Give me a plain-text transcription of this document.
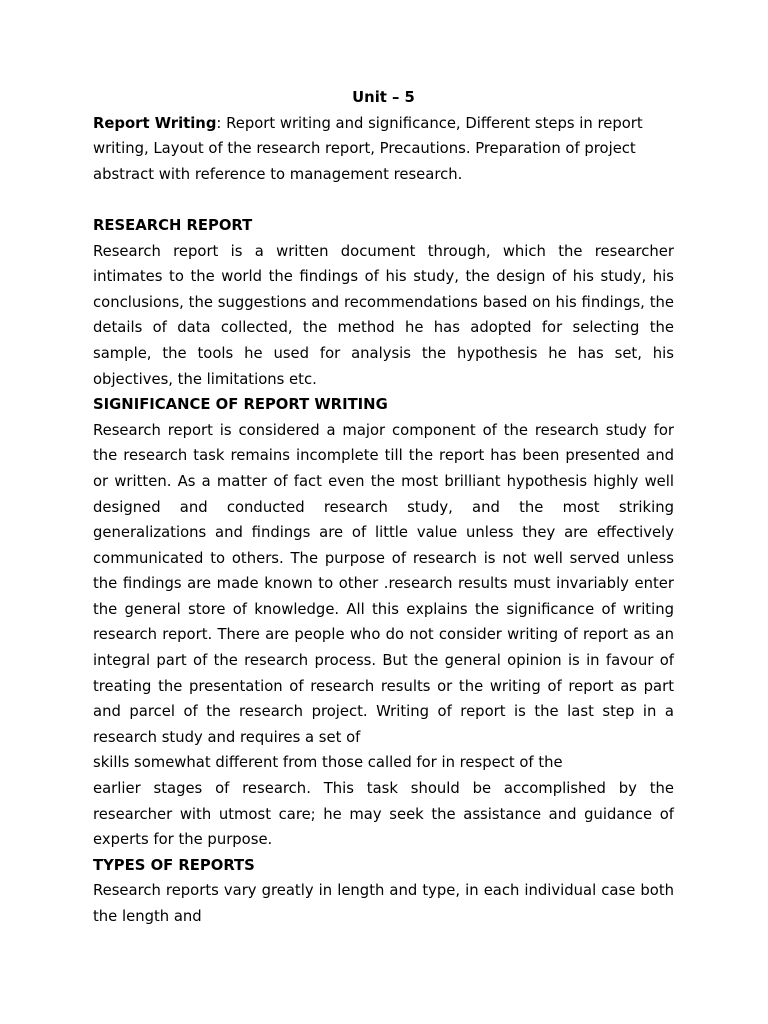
Unit – 5

Report Writing: Report writing and significance, Different steps in report writing, Layout of the research report, Precautions. Preparation of project abstract with reference to management research.

RESEARCH REPORT

Research report is a written document through, which the researcher intimates to the world the findings of his study, the design of his study, his conclusions, the suggestions and recommendations based on his findings, the details of data collected, the method he has adopted for selecting the sample, the tools he used for analysis the hypothesis he has set, his objectives, the limitations etc.

SIGNIFICANCE OF REPORT WRITING

Research report is considered a major component of the research study for the research task remains incomplete till the report has been presented and or written. As a matter of fact even the most brilliant hypothesis highly well designed and conducted research study, and the most striking generalizations and findings are of little value unless they are effectively communicated to others. The purpose of research is not well served unless the findings are made known to other .research results must invariably enter the general store of knowledge. All this explains the significance of writing research report. There are people who do not consider writing of report as an integral part of the research process. But the general opinion is in favour of treating the presentation of research results or the writing of report as part and parcel of the research project. Writing of report is the last step in a research study and requires a set of
skills somewhat different from those called for in respect of the
earlier stages of research. This task should be accomplished by the researcher with utmost care; he may seek the assistance and guidance of experts for the purpose.

TYPES OF REPORTS

Research reports vary greatly in length and type, in each individual case both the length and
